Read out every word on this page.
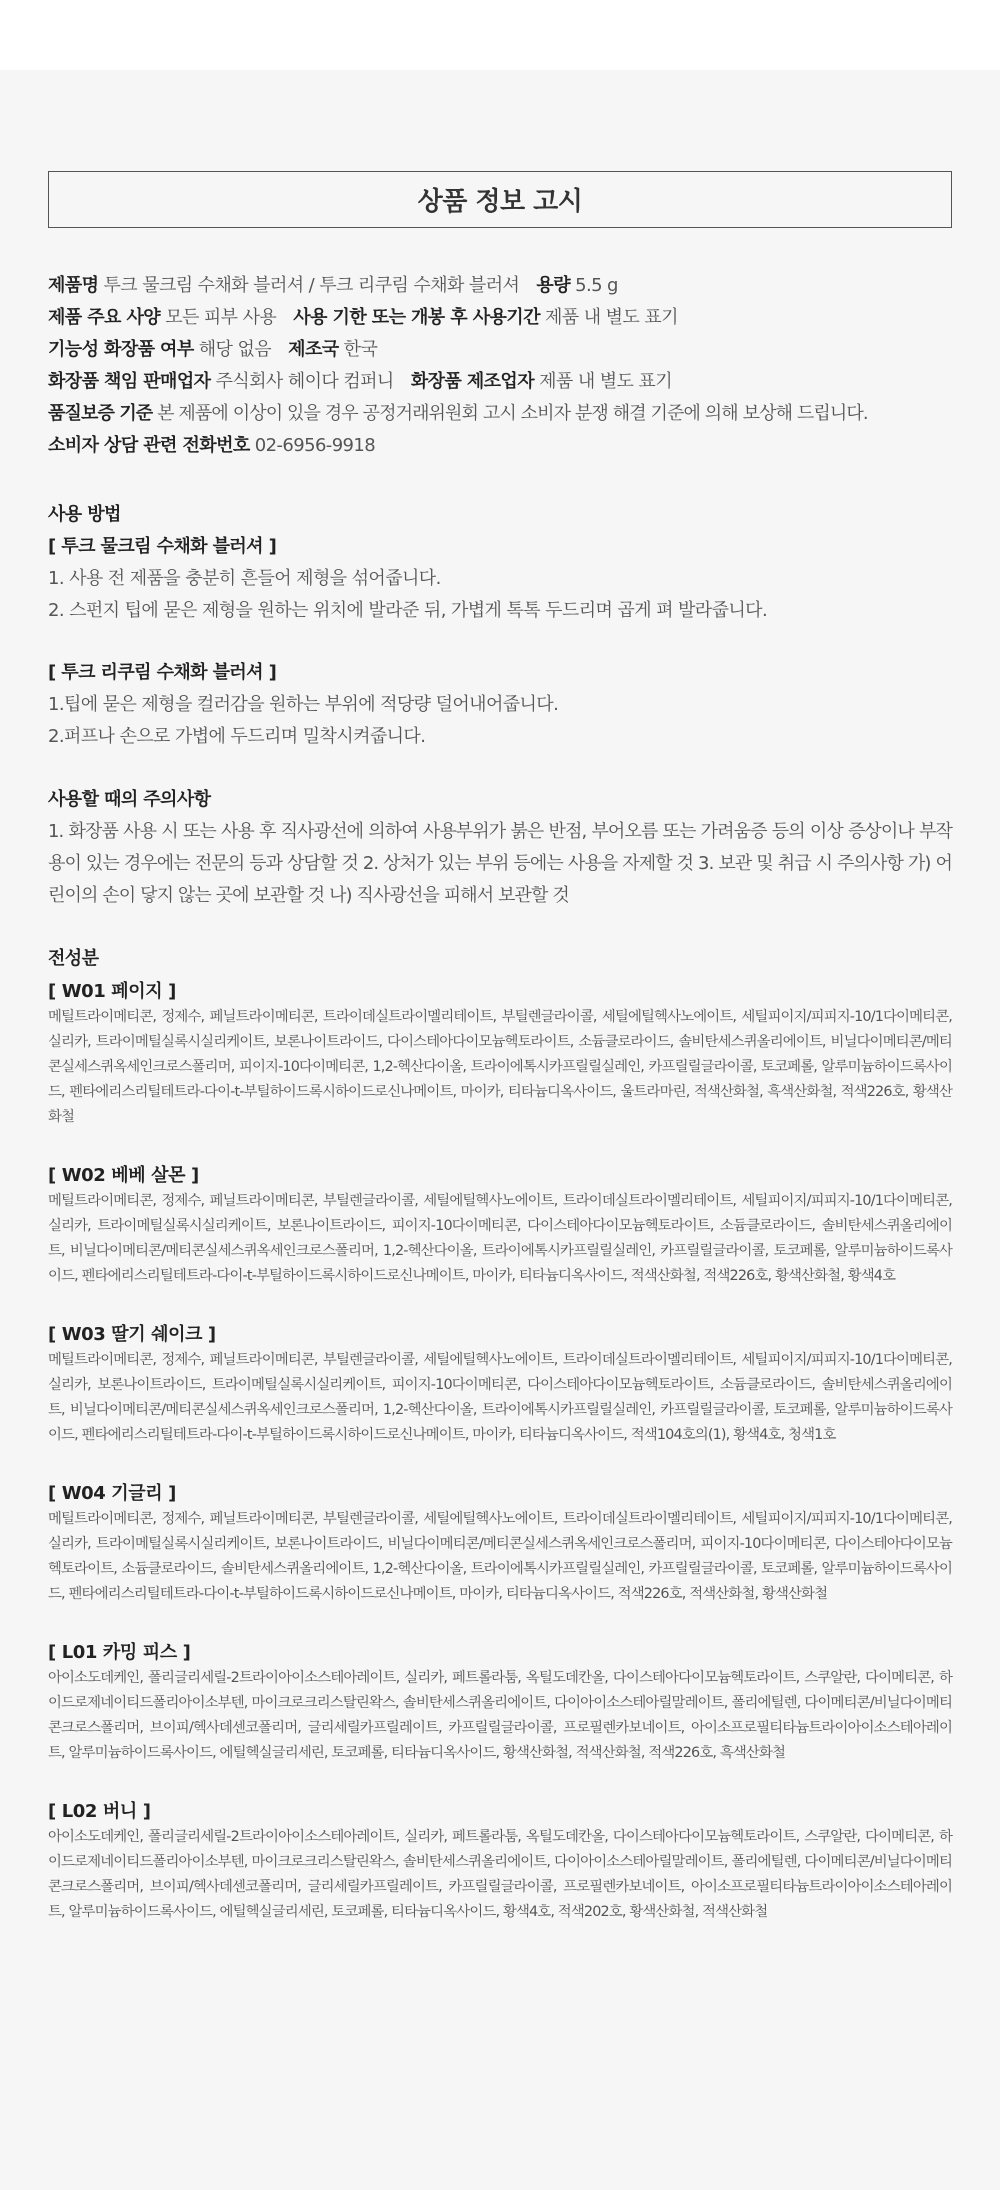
상품 정보 고시
제품명 투크 물크림 수채화 블러셔 / 투크 리쿠림 수채화 블러셔 용량 5.5 g
제품 주요 사양 모든 피부 사용 사용 기한 또는 개봉 후 사용기간 제품 내 별도 표기
기능성 화장품 여부 해당 없음 제조국 한국
화장품 책임 판매업자 주식회사 헤이다 컴퍼니 화장품 제조업자 제품 내 별도 표기
품질보증 기준 본 제품에 이상이 있을 경우 공정거래위원회 고시 소비자 분쟁 해결 기준에 의해 보상해 드립니다.
소비자 상담 관련 전화번호 02-6956-9918
사용 방법
[ 투크 물크림 수채화 블러셔 ]
1. 사용 전 제품을 충분히 흔들어 제형을 섞어줍니다.
2. 스펀지 팁에 묻은 제형을 원하는 위치에 발라준 뒤, 가볍게 톡톡 두드리며 곱게 펴 발라줍니다.
[ 투크 리쿠림 수채화 블러셔 ]
1.팁에 묻은 제형을 컬러감을 원하는 부위에 적당량 덜어내어줍니다.
2.퍼프나 손으로 가볍에 두드리며 밀착시켜줍니다.
사용할 때의 주의사항
1. 화장품 사용 시 또는 사용 후 직사광선에 의하여 사용부위가 붉은 반점, 부어오름 또는 가려움증 등의 이상 증상이나 부작용이 있는 경우에는 전문의 등과 상담할 것 2. 상처가 있는 부위 등에는 사용을 자제할 것 3. 보관 및 취급 시 주의사항 가) 어린이의 손이 닿지 않는 곳에 보관할 것 나) 직사광선을 피해서 보관할 것
전성분
[ W01 페이지 ]
메틸트라이메티콘, 정제수, 페닐트라이메티콘, 트라이데실트라이멜리테이트, 부틸렌글라이콜, 세틸에틸헥사노에이트, 세틸피이지/피피지-10/1다이메티콘, 실리카, 트라이메틸실록시실리케이트, 보론나이트라이드, 다이스테아다이모늄헥토라이트, 소듐클로라이드, 솔비탄세스퀴올리에이트, 비닐다이메티콘/메티콘실세스퀴옥세인크로스폴리머, 피이지-10다이메티콘, 1,2-헥산다이올, 트라이에톡시카프릴릴실레인, 카프릴릴글라이콜, 토코페롤, 알루미늄하이드록사이드, 펜타에리스리틸테트라-다이-t-부틸하이드록시하이드로신나메이트, 마이카, 티타늄디옥사이드, 울트라마린, 적색산화철, 흑색산화철, 적색226호, 황색산화철
[ W02 베베 살몬 ]
메틸트라이메티콘, 정제수, 페닐트라이메티콘, 부틸렌글라이콜, 세틸에틸헥사노에이트, 트라이데실트라이멜리테이트, 세틸피이지/피피지-10/1다이메티콘, 실리카, 트라이메틸실록시실리케이트, 보론나이트라이드, 피이지-10다이메티콘, 다이스테아다이모늄헥토라이트, 소듐클로라이드, 솔비탄세스퀴올리에이트, 비닐다이메티콘/메티콘실세스퀴옥세인크로스폴리머, 1,2-헥산다이올, 트라이에톡시카프릴릴실레인, 카프릴릴글라이콜, 토코페롤, 알루미늄하이드록사이드, 펜타에리스리틸테트라-다이-t-부틸하이드록시하이드로신나메이트, 마이카, 티타늄디옥사이드, 적색산화철, 적색226호, 황색산화철, 황색4호
[ W03 딸기 쉐이크 ]
메틸트라이메티콘, 정제수, 페닐트라이메티콘, 부틸렌글라이콜, 세틸에틸헥사노에이트, 트라이데실트라이멜리테이트, 세틸피이지/피피지-10/1다이메티콘, 실리카, 보론나이트라이드, 트라이메틸실록시실리케이트, 피이지-10다이메티콘, 다이스테아다이모늄헥토라이트, 소듐클로라이드, 솔비탄세스퀴올리에이트, 비닐다이메티콘/메티콘실세스퀴옥세인크로스폴리머, 1,2-헥산다이올, 트라이에톡시카프릴릴실레인, 카프릴릴글라이콜, 토코페롤, 알루미늄하이드록사이드, 펜타에리스리틸테트라-다이-t-부틸하이드록시하이드로신나메이트, 마이카, 티타늄디옥사이드, 적색104호의(1), 황색4호, 청색1호
[ W04 기글리 ]
메틸트라이메티콘, 정제수, 페닐트라이메티콘, 부틸렌글라이콜, 세틸에틸헥사노에이트, 트라이데실트라이멜리테이트, 세틸피이지/피피지-10/1다이메티콘, 실리카, 트라이메틸실록시실리케이트, 보론나이트라이드, 비닐다이메티콘/메티콘실세스퀴옥세인크로스폴리머, 피이지-10다이메티콘, 다이스테아다이모늄헥토라이트, 소듐클로라이드, 솔비탄세스퀴올리에이트, 1,2-헥산다이올, 트라이에톡시카프릴릴실레인, 카프릴릴글라이콜, 토코페롤, 알루미늄하이드록사이드, 펜타에리스리틸테트라-다이-t-부틸하이드록시하이드로신나메이트, 마이카, 티타늄디옥사이드, 적색226호, 적색산화철, 황색산화철
[ L01 카밍 피스 ]
아이소도데케인, 폴리글리세릴-2트라이아이소스테아레이트, 실리카, 페트롤라툼, 옥틸도데칸올, 다이스테아다이모늄헥토라이트, 스쿠알란, 다이메티콘, 하이드로제네이티드폴리아이소부텐, 마이크로크리스탈린왁스, 솔비탄세스퀴올리에이트, 다이아이소스테아릴말레이트, 폴리에틸렌, 다이메티콘/비닐다이메티콘크로스폴리머, 브이피/헥사데센코폴리머, 글리세릴카프릴레이트, 카프릴릴글라이콜, 프로필렌카보네이트, 아이소프로필티타늄트라이아이소스테아레이트, 알루미늄하이드록사이드, 에틸헥실글리세린, 토코페롤, 티타늄디옥사이드, 황색산화철, 적색산화철, 적색226호, 흑색산화철
[ L02 버니 ]
아이소도데케인, 폴리글리세릴-2트라이아이소스테아레이트, 실리카, 페트롤라툼, 옥틸도데칸올, 다이스테아다이모늄헥토라이트, 스쿠알란, 다이메티콘, 하이드로제네이티드폴리아이소부텐, 마이크로크리스탈린왁스, 솔비탄세스퀴올리에이트, 다이아이소스테아릴말레이트, 폴리에틸렌, 다이메티콘/비닐다이메티콘크로스폴리머, 브이피/헥사데센코폴리머, 글리세릴카프릴레이트, 카프릴릴글라이콜, 프로필렌카보네이트, 아이소프로필티타늄트라이아이소스테아레이트, 알루미늄하이드록사이드, 에틸헥실글리세린, 토코페롤, 티타늄디옥사이드, 황색4호, 적색202호, 황색산화철, 적색산화철
